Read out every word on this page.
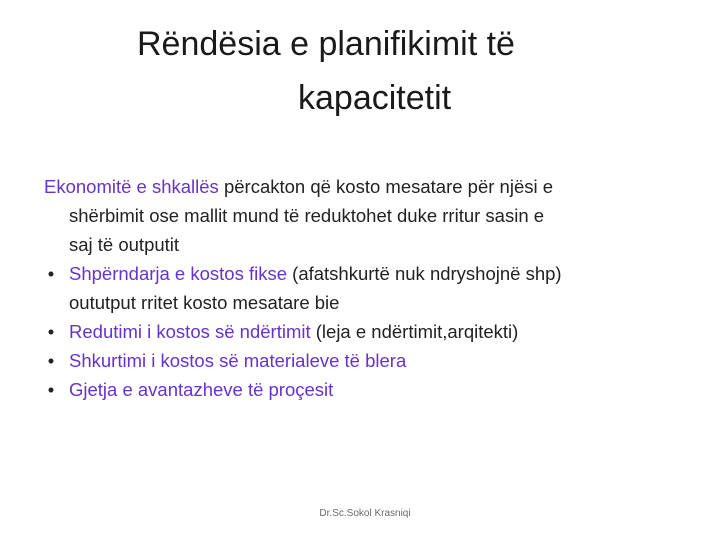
Rëndësia e planifikimit të
kapacitetit
Ekonomitë e shkallës përcakton që kosto mesatare për njësi e
shërbimit ose mallit mund të reduktohet duke rritur sasin e
saj të outputit
• Shpërndarja e kostos fikse (afatshkurtë nuk ndryshojnë shp)
oututput rritet kosto mesatare bie
• Redutimi i kostos së ndërtimit (leja e ndërtimit,arqitekti)
• Shkurtimi i kostos së materialeve të blera
• Gjetja e avantazheve të proçesit
Dr.Sc.Sokol Krasniqi
